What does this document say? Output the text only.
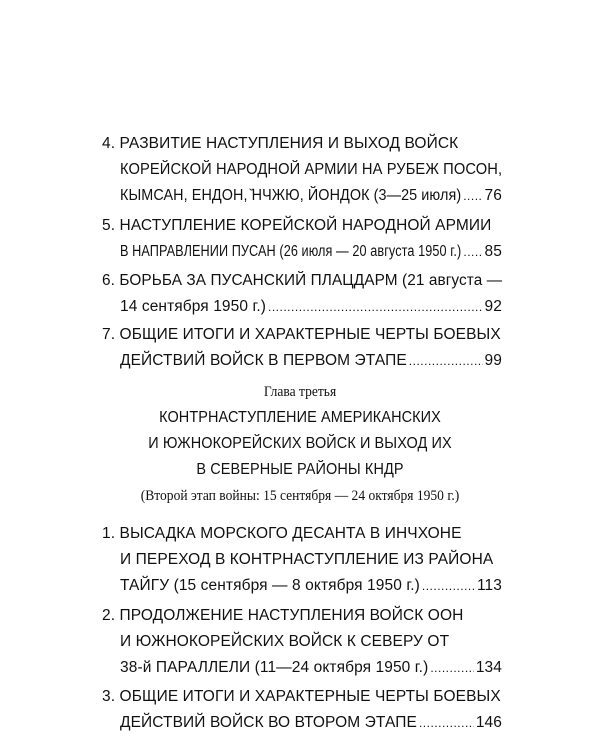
4. РАЗВИТИЕ НАСТУПЛЕНИЯ И ВЫХОД ВОЙСК
КОРЕЙСКОЙ НАРОДНОЙ АРМИИ НА РУБЕЖ ПОСОН,
КЫМСАН, ЕНДОН, ̆НЧЖЮ, ЙОНДОК (3—25 июля) ..... 76
5. НАСТУПЛЕНИЕ КОРЕЙСКОЙ НАРОДНОЙ АРМИИ
В НАПРАВЛЕНИИ ПУСАН (26 июля — 20 августа 1950 г.) ..... 85
6. БОРЬБА ЗА ПУСАНСКИЙ ПЛАЦДАРМ (21 августа —
14 сентября 1950 г.) .....	92
7. ОБЩИЕ ИТОГИ И ХАРАКТЕРНЫЕ ЧЕРТЫ БОЕВЫХ
ДЕЙСТВИЙ ВОЙСК В ПЕРВОМ ЭТАПЕ .....	99
Глава третья
КОНТРНАСТУПЛЕНИЕ АМЕРИКАНСКИХ
И ЮЖНОКОРЕЙСКИХ ВОЙСК И ВЫХОД ИХ
В СЕВЕРНЫЕ РАЙОНЫ КНДР
(Второй этап войны: 15 сентября — 24 октября 1950 г.)
1. ВЫСАДКА МОРСКОГО ДЕСАНТА В ИНЧХОНЕ
И ПЕРЕХОД В КОНТРНАСТУПЛЕНИЕ ИЗ РАЙОНА
ТАЙГУ (15 сентября — 8 октября 1950 г.) .....	113
2. ПРОДОЛЖЕНИЕ НАСТУПЛЕНИЯ ВОЙСК ООН
И ЮЖНОКОРЕЙСКИХ ВОЙСК К СЕВЕРУ ОТ
38-й ПАРАЛЛЕЛИ (11—24 октября 1950 г.) .....	134
3. ОБЩИЕ ИТОГИ И ХАРАКТЕРНЫЕ ЧЕРТЫ БОЕВЫХ
ДЕЙСТВИЙ ВОЙСК ВО ВТОРОМ ЭТАПЕ .....	146
